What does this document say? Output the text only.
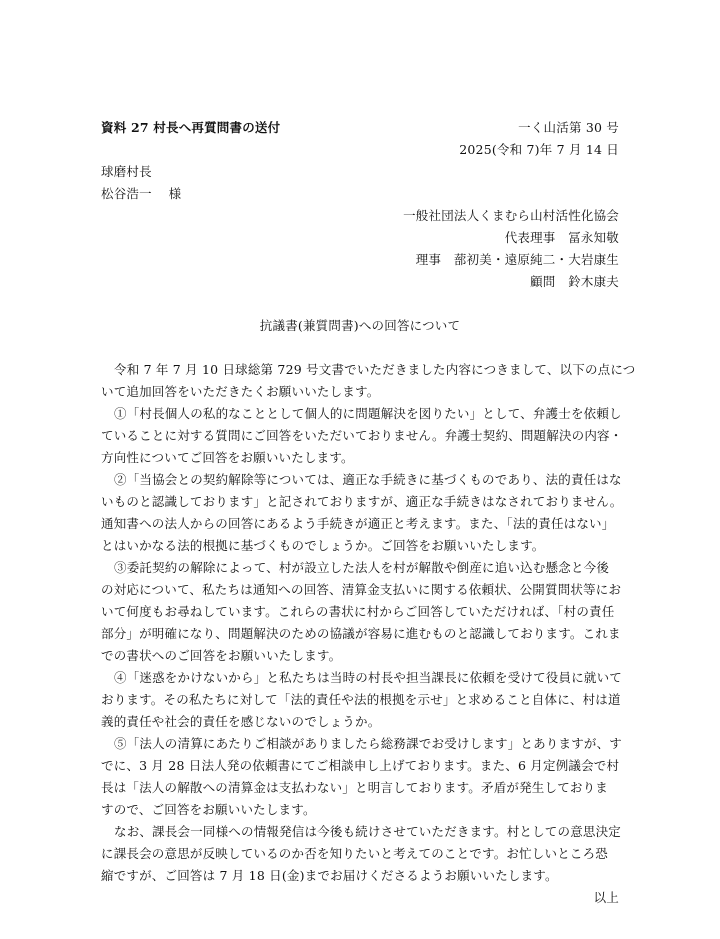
資料 27 村長へ再質問書の送付	一く山活第 30 号
2025(令和 7)年 7 月 14 日
球磨村長
松谷浩一　 様
一般社団法人くまむら山村活性化協会
代表理事　冨永知敬
理事　蔀初美・遠原純二・大岩康生
顧問　鈴木康夫
抗議書(兼質問書)への回答について
令和 7 年 7 月 10 日球総第 729 号文書でいただきました内容につきまして、以下の点につ
いて追加回答をいただきたくお願いいたします。
①「村長個人の私的なこととして個人的に問題解決を図りたい」として、弁護士を依頼し
ていることに対する質問にご回答をいただいておりません。弁護士契約、問題解決の内容・
方向性についてご回答をお願いいたします。
②「当協会との契約解除等については、適正な手続きに基づくものであり、法的責任はな
いものと認識しております」と記されておりますが、適正な手続きはなされておりません。
通知書への法人からの回答にあるよう手続きが適正と考えます。また、「法的責任はない」
とはいかなる法的根拠に基づくものでしょうか。ご回答をお願いいたします。
③委託契約の解除によって、村が設立した法人を村が解散や倒産に追い込む懸念と今後
の対応について、私たちは通知への回答、清算金支払いに関する依頼状、公開質問状等にお
いて何度もお尋ねしています。これらの書状に村からご回答していただければ、「村の責任
部分」が明確になり、問題解決のための協議が容易に進むものと認識しております。これま
での書状へのご回答をお願いいたします。
④「迷惑をかけないから」と私たちは当時の村長や担当課長に依頼を受けて役員に就いて
おります。その私たちに対して「法的責任や法的根拠を示せ」と求めること自体に、村は道
義的責任や社会的責任を感じないのでしょうか。
⑤「法人の清算にあたりご相談がありましたら総務課でお受けします」とありますが、す
でに、3 月 28 日法人発の依頼書にてご相談申し上げております。また、6 月定例議会で村
長は「法人の解散への清算金は支払わない」と明言しております。矛盾が発生しておりま
すので、ご回答をお願いいたします。
なお、課長会一同様への情報発信は今後も続けさせていただきます。村としての意思決定
に課長会の意思が反映しているのか否を知りたいと考えてのことです。お忙しいところ恐
縮ですが、ご回答は 7 月 18 日(金)までお届けくださるようお願いいたします。
以上
